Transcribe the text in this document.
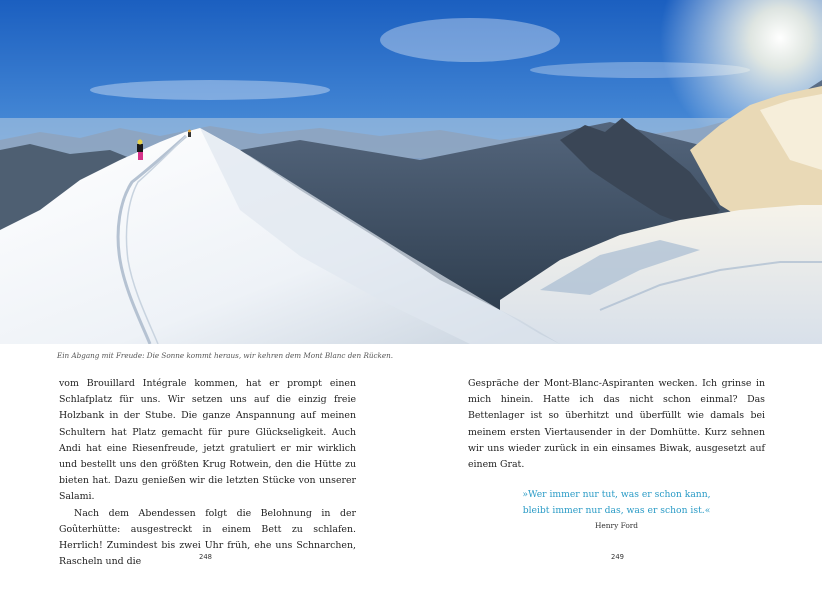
Ein Abgang mit Freude: Die Sonne kommt heraus, wir kehren dem Mont Blanc den Rücken.

vom Brouillard Intégrale kommen, hat er prompt einen Schlafplatz für uns. Wir setzen uns auf die einzig freie Holzbank in der Stube. Die ganze Anspannung auf meinen Schultern hat Platz gemacht für pure Glückseligkeit. Auch Andi hat eine Riesenfreude, jetzt gratuliert er mir wirklich und bestellt uns den größten Krug Rotwein, den die Hütte zu bieten hat. Dazu genießen wir die letzten Stücke von unserer Salami.

Nach dem Abendessen folgt die Belohnung in der Goûterhütte: ausgestreckt in einem Bett zu schlafen. Herrlich! Zumindest bis zwei Uhr früh, ehe uns Schnarchen, Rascheln und die

Gespräche der Mont-Blanc-Aspiranten wecken. Ich grinse in mich hinein. Hatte ich das nicht schon einmal? Das Bettenlager ist so überhitzt und überfüllt wie damals bei meinem ersten Viertausender in der Domhütte. Kurz sehnen wir uns wieder zurück in ein einsames Biwak, ausgesetzt auf einem Grat.

»Wer immer nur tut, was er schon kann,

bleibt immer nur das, was er schon ist.«

Henry Ford
248	249
